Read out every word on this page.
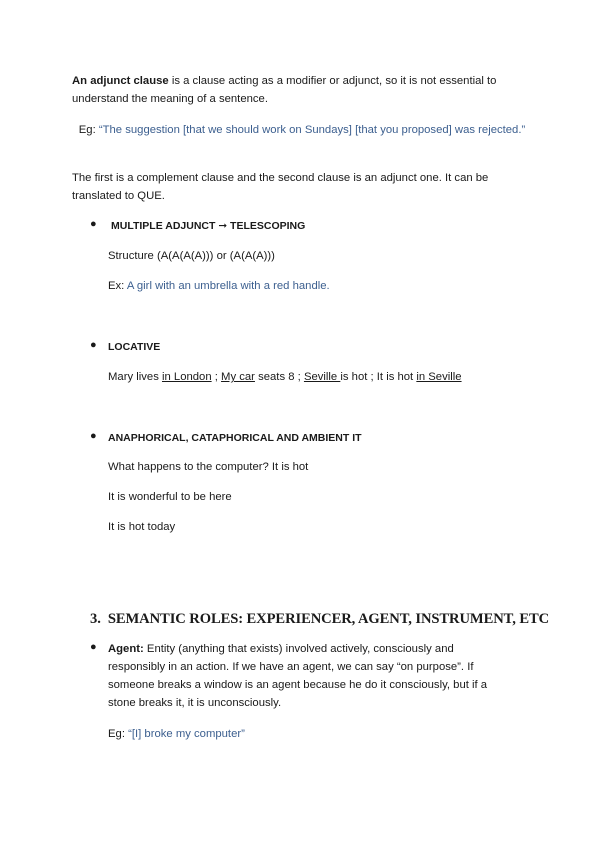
An adjunct clause is a clause acting as a modifier or adjunct, so it is not essential to understand the meaning of a sentence.

Eg: “The suggestion [that we should work on Sundays] [that you proposed] was rejected.”

The first is a complement clause and the second clause is an adjunct one. It can be translated to QUE.

● MULTIPLE ADJUNCT ➞ TELESCOPING

Structure (A(A(A(A))) or (A(A(A)))

Ex: A girl with an umbrella with a red handle.

● LOCATIVE

Mary lives in London ; My car seats 8 ; Seville is hot ; It is hot in Seville

● ANAPHORICAL, CATAPHORICAL AND AMBIENT IT

What happens to the computer? It is hot

It is wonderful to be here

It is hot today

3. SEMANTIC ROLES: EXPERIENCER, AGENT, INSTRUMENT, ETC

● Agent: Entity (anything that exists) involved actively, consciously and

responsibly in an action. If we have an agent, we can say “on purpose”. If

someone breaks a window is an agent because he do it consciously, but if a

stone breaks it, it is unconsciously.

Eg: “[I] broke my computer”
